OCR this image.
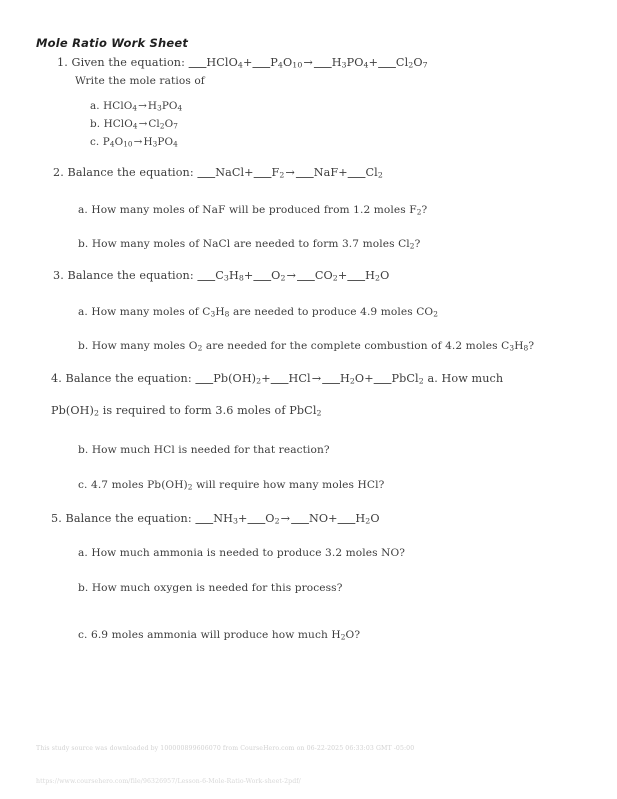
Mole Ratio Work Sheet
1. Given the equation: HClO$_4$+ $P_4O_{10}\to H_3PO_4+ Cl_2O_7$
Write the mole ratios of
a. $HClO_4\to H_3PO_4$
b. $HClO_4\to Cl_2O_7$
c. $P_4O_{10}\to H_3PO_4$
2. Balance the equation: NaCl+ $F_2\to NaF+ Cl_2$
a. How many moles of NaF will be produced from 1.2 moles $F_2$?
b. How many moles of NaCl are needed to form 3.7 moles $Cl_2$?
3. Balance the equation: $C_3H_8+ O_2\to CO_2+ H_2O$
a. How many moles of $C_3H_8$ are needed to produce 4.9 moles $CO_2$
b. How many moles $O_2$ are needed for the complete combustion of 4.2 moles $C_3H_8$?
4. Balance the equation: $Pb(OH)_2+ HCl\to H_2O+$ PbCl$_2$ a. How much
$Pb(OH)_2$ is required to form 3.6 moles of PbCl$_2$
b. How much HCl is needed for that reaction?
c. 4.7 moles $Pb(OH)_2$ will require how many moles HCl?
5. Balance the equation: $NH_3+ O_2\to NO+ H_2O$
a. How much ammonia is needed to produce 3.2 moles NO?
b. How much oxygen is needed for this process?
c. 6.9 moles ammonia will produce how much $H_2O$?
This study source was downloaded by 100000899606070 from CourseHero.com on 06-22-2025 06:33:03 GMT -05:00
https://www.coursehero.com/file/96326957/Lesson-6-Mole-Ratio-Work-sheet-2pdf/
